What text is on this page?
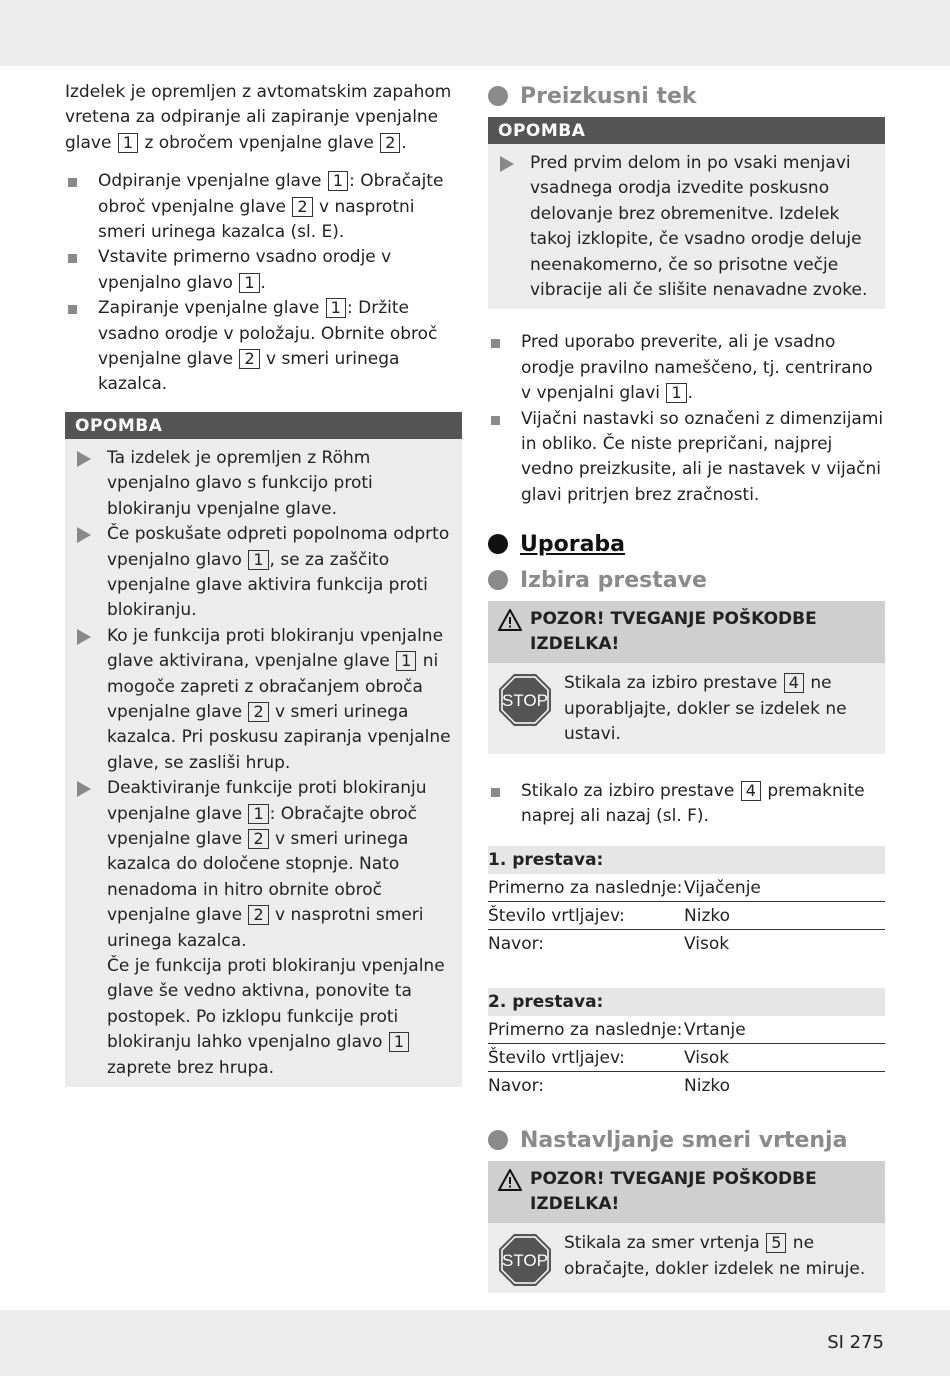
Izdelek je opremljen z avtomatskim zapahom vretena za odpiranje ali zapiranje vpenjalne glave 1 z obročem vpenjalne glave 2 .

Odpiranje vpenjalne glave 1 : Obračajte obroč vpenjalne glave 2 v nasprotni smeri urinega kazalca (sl. E).
Vstavite primerno vsadno orodje v vpenjalno glavo 1 .
Zapiranje vpenjalne glave 1 : Držite vsadno orodje v položaju. Obrnite obroč vpenjalne glave 2 v smeri urinega kazalca.
OPOMBA
Ta izdelek je opremljen z Röhm vpenjalno glavo s funkcijo proti blokiranju vpenjalne glave.
Če poskušate odpreti popolnoma odprto vpenjalno glavo 1 , se za zaščito vpenjalne glave aktivira funkcija proti blokiranju.
Ko je funkcija proti blokiranju vpenjalne glave aktivirana, vpenjalne glave 1 ni mogoče zapreti z obračanjem obroča vpenjalne glave 2 v smeri urinega kazalca. Pri poskusu zapiranja vpenjalne glave, se zasliši hrup.
Deaktiviranje funkcije proti blokiranju vpenjalne glave 1 : Obračajte obroč vpenjalne glave 2 v smeri urinega kazalca do določene stopnje. Nato nenadoma in hitro obrnite obroč vpenjalne glave 2 v nasprotni smeri urinega kazalca.
Če je funkcija proti blokiranju vpenjalne glave še vedno aktivna, ponovite ta postopek. Po izklopu funkcije proti blokiranju lahko vpenjalno glavo 1 zaprete brez hrupa.
Preizkusni tek
OPOMBA
Pred prvim delom in po vsaki menjavi vsadnega orodja izvedite poskusno delovanje brez obremenitve. Izdelek takoj izklopite, če vsadno orodje deluje neenakomerno, če so prisotne večje vibracije ali če slišite nenavadne zvoke.
Pred uporabo preverite, ali je vsadno orodje pravilno nameščeno, tj. centrirano v vpenjalni glavi 1 .
Vijačni nastavki so označeni z dimenzijami in obliko. Če niste prepričani, najprej vedno preizkusite, ali je nastavek v vijačni glavi pritrjen brez zračnosti.
Uporaba
Izbira prestave
POZOR! TVEGANJE POŠKODBE IZDELKA!
STOP
Stikala za izbiro prestave 4 ne uporabljajte, dokler se izdelek ne ustavi.
Stikalo za izbiro prestave 4 premaknite naprej ali nazaj (sl. F).
1. prestava:	
Primerno za naslednje:	Vijačenje
Število vrtljajev:	Nizko
Navor:	Visok
2. prestava:	
Primerno za naslednje:	Vrtanje
Število vrtljajev:	Visok
Navor:	Nizko
Nastavljanje smeri vrtenja
POZOR! TVEGANJE POŠKODBE IZDELKA!
STOP
Stikala za smer vrtenja 5 ne obračajte, dokler izdelek ne miruje.
SI 275
